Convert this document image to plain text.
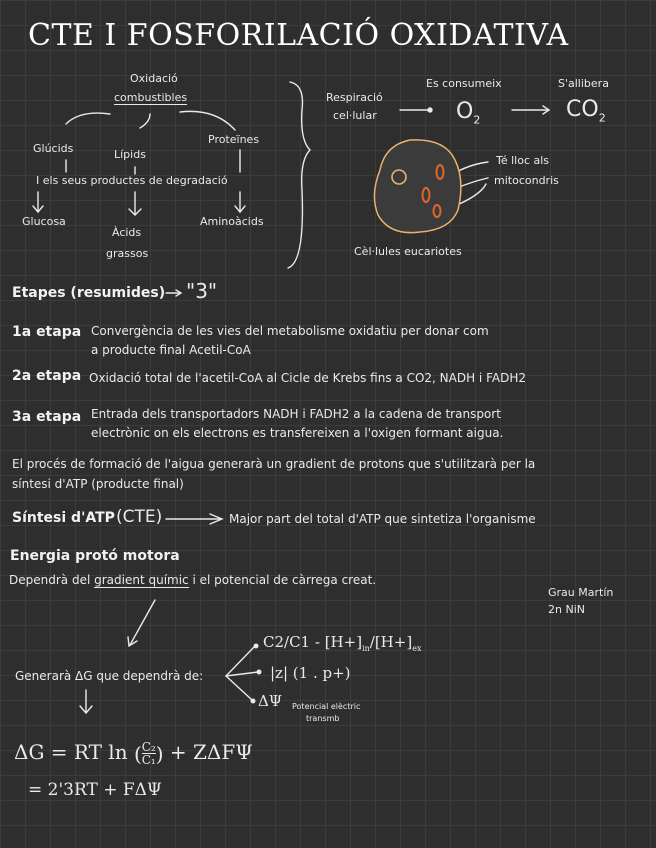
CTE I FOSFORILACIÓ OXIDATIVA
Oxidació
combustibles
Glúcids	Lípids
Proteïnes
I els seus productes de degradació
Glucosa
Àcids
grassos
Aminoàcids
Respiració
cel·lular
Es consumeix	S'allibera
$O_2$	$CO_2$
Té lloc als
mitocondris
Cèl·lules eucariotes
Etapes (resumides) "3"
1a etapa Convergència de les vies del metabolisme oxidatiu per donar com
a producte final Acetil-CoA
2a etapa Oxidació total de l'acetil-CoA al Cicle de Krebs fins a CO2, NADH i FADH2
3a etapa Entrada dels transportadors NADH i FADH2 a la cadena de transport
electrònic on els electrons es transfereixen a l'oxigen formant aigua.
El procés de formació de l'aigua generarà un gradient de protons que s'utilitzarà per la
síntesi d'ATP (producte final)
Síntesi d'ATP (CTE)	Major part del total d'ATP que sintetiza l'organisme
Energia protó motora
Dependrà del gradient químic i el potencial de càrrega creat.
Grau Martín
2n NiN
Generarà ΔG que dependrà de:
$C2/C1 - [H+]_{in}/[H+]_{ex}$
|z| (1 . p+)
ΔΨ Potencial elèctric
transmb
ΔG = RT ln ( $\frac{\text{C₂}}{\text{C₁}}$ ) + ZΔFΨ
= 2'3RT + FΔΨ
